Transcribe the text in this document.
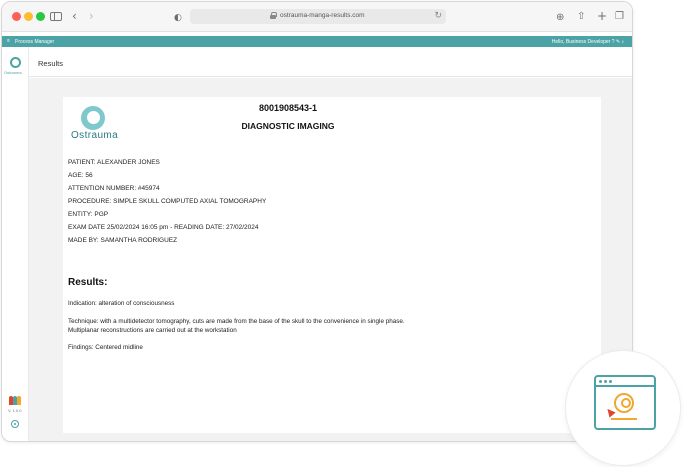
‹ ›	◐	ostrauma-manga-results.com	↻	⊕ ⇧ + ❐
≡ Process Manager	Hello, Business Developer ? ✎ ♪
Ostrauma
V. 1.0.0
Results
Ostrauma
8001908543-1
DIAGNOSTIC IMAGING
PATIENT: ALEXANDER JONES
AGE: 56
ATTENTION NUMBER: #45974
PROCEDURE: SIMPLE SKULL COMPUTED AXIAL TOMOGRAPHY
ENTITY: PGP
EXAM DATE 25/02/2024 16:05 pm - READING DATE: 27/02/2024
MADE BY: SAMANTHA RODRIGUEZ
Results:
Indication: alteration of consciousness
Technique: with a multidetector tomography, cuts are made from the base of the skull to the convenience in single phase. Multiplanar reconstructions are carried out at the workstation
Findings: Centered midline
